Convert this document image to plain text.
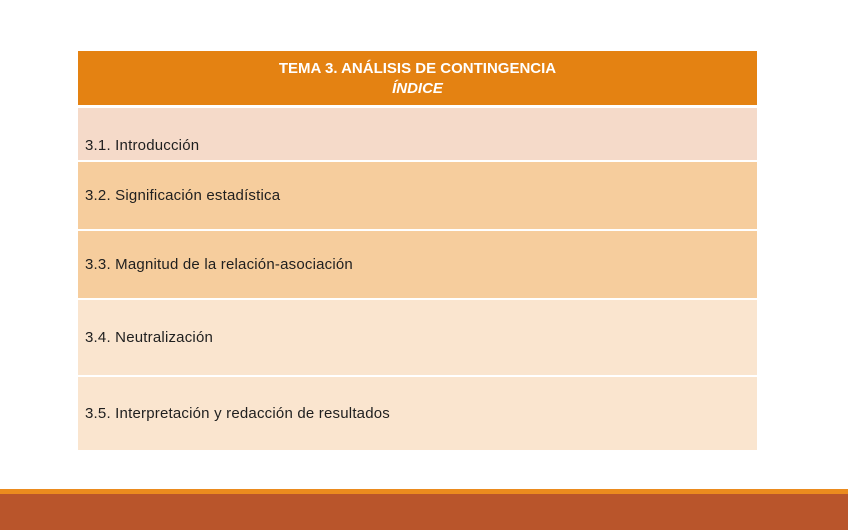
TEMA 3. ANÁLISIS DE CONTINGENCIA
ÍNDICE
3.1. Introducción
3.2. Significación estadística
3.3. Magnitud de la relación-asociación
3.4. Neutralización
3.5. Interpretación y redacción de resultados
